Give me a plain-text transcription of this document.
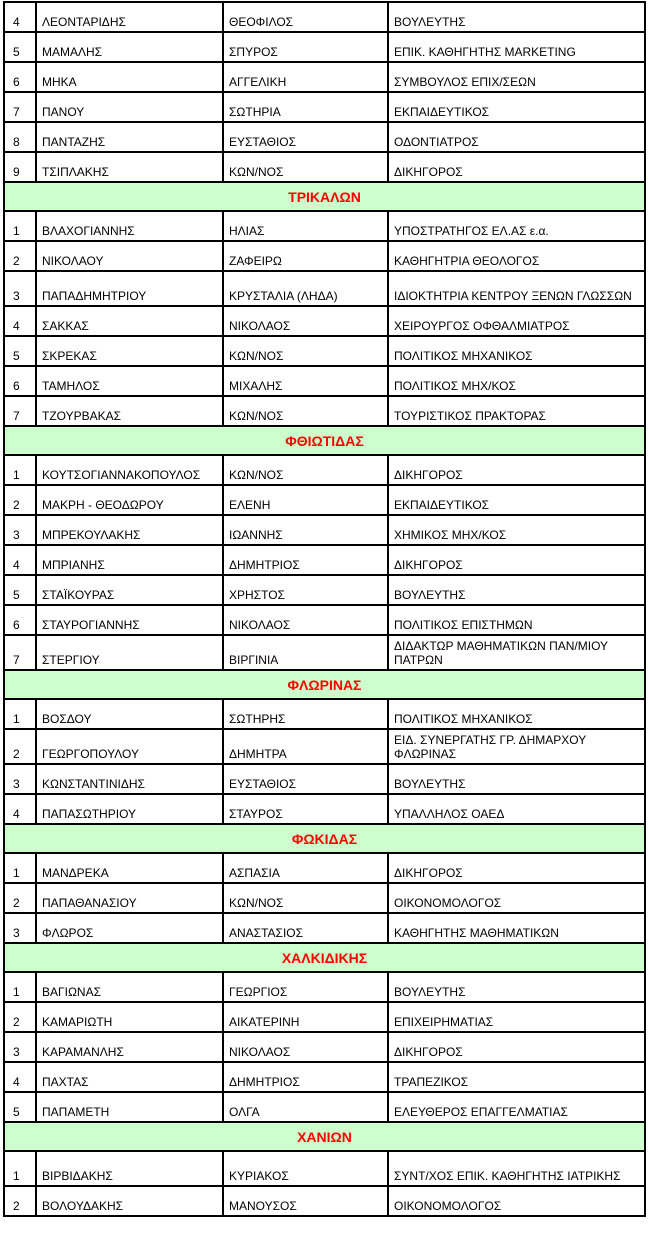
4	ΛΕΟΝΤΑΡΙΔΗΣ	ΘΕΟΦΙΛΟΣ	ΒΟΥΛΕΥΤΗΣ
5	ΜΑΜΑΛΗΣ	ΣΠΥΡΟΣ	ΕΠΙΚ. ΚΑΘΗΓΗΤΗΣ MARKETING
6	ΜΗΚΑ	ΑΓΓΕΛΙΚΗ	ΣΥΜΒΟΥΛΟΣ ΕΠΙΧ/ΣΕΩΝ
7	ΠΑΝΟΥ	ΣΩΤΗΡΙΑ	ΕΚΠΑΙΔΕΥΤΙΚΟΣ
8	ΠΑΝΤΑΖΗΣ	ΕΥΣΤΑΘΙΟΣ	ΟΔΟΝΤΙΑΤΡΟΣ
9	ΤΣΙΠΛΑΚΗΣ	ΚΩΝ/ΝΟΣ	ΔΙΚΗΓΟΡΟΣ
ΤΡΙΚΑΛΩΝ			
1	ΒΛΑΧΟΓΙΑΝΝΗΣ	ΗΛΙΑΣ	ΥΠΟΣΤΡΑΤΗΓΟΣ ΕΛ.ΑΣ ε.α.
2	ΝΙΚΟΛΑΟΥ	ΖΑΦΕΙΡΩ	ΚΑΘΗΓΗΤΡΙΑ ΘΕΟΛΟΓΟΣ
3	ΠΑΠΑΔΗΜΗΤΡΙΟΥ	ΚΡΥΣΤΑΛΙΑ (ΛΗΔΑ)	ΙΔΙΟΚΤΗΤΡΙΑ ΚΕΝΤΡΟΥ ΞΕΝΩΝ ΓΛΩΣΣΩΝ
4	ΣΑΚΚΑΣ	ΝΙΚΟΛΑΟΣ	ΧΕΙΡΟΥΡΓΟΣ ΟΦΘΑΛΜΙΑΤΡΟΣ
5	ΣΚΡΕΚΑΣ	ΚΩΝ/ΝΟΣ	ΠΟΛΙΤΙΚΟΣ ΜΗΧΑΝΙΚΟΣ
6	ΤΑΜΗΛΟΣ	ΜΙΧΑΛΗΣ	ΠΟΛΙΤΙΚΟΣ ΜΗΧ/ΚΟΣ
7	ΤΖΟΥΡΒΑΚΑΣ	ΚΩΝ/ΝΟΣ	ΤΟΥΡΙΣΤΙΚΟΣ ΠΡΑΚΤΟΡΑΣ
ΦΘΙΩΤΙΔΑΣ			
1	ΚΟΥΤΣΟΓΙΑΝΝΑΚΟΠΟΥΛΟΣ	ΚΩΝ/ΝΟΣ	ΔΙΚΗΓΟΡΟΣ
2	ΜΑΚΡΗ - ΘΕΟΔΩΡΟΥ	ΕΛΕΝΗ	ΕΚΠΑΙΔΕΥΤΙΚΟΣ
3	ΜΠΡΕΚΟΥΛΑΚΗΣ	ΙΩΑΝΝΗΣ	ΧΗΜΙΚΟΣ ΜΗΧ/ΚΟΣ
4	ΜΠΡΙΑΝΗΣ	ΔΗΜΗΤΡΙΟΣ	ΔΙΚΗΓΟΡΟΣ
5	ΣΤΑΪΚΟΥΡΑΣ	ΧΡΗΣΤΟΣ	ΒΟΥΛΕΥΤΗΣ
6	ΣΤΑΥΡΟΓΙΑΝΝΗΣ	ΝΙΚΟΛΑΟΣ	ΠΟΛΙΤΙΚΟΣ ΕΠΙΣΤΗΜΩΝ
7	ΣΤΕΡΓΙΟΥ	ΒΙΡΓΙΝΙΑ	ΔΙΔΑΚΤΩΡ ΜΑΘΗΜΑΤΙΚΩΝ ΠΑΝ/ΜΙΟΥ ΠΑΤΡΩΝ
ΦΛΩΡΙΝΑΣ			
1	ΒΟΣΔΟΥ	ΣΩΤΗΡΗΣ	ΠΟΛΙΤΙΚΟΣ ΜΗΧΑΝΙΚΟΣ
2	ΓΕΩΡΓΟΠΟΥΛΟΥ	ΔΗΜΗΤΡΑ	ΕΙΔ. ΣΥΝΕΡΓΑΤΗΣ ΓΡ. ΔΗΜΑΡΧΟΥ ΦΛΩΡΙΝΑΣ
3	ΚΩΝΣΤΑΝΤΙΝΙΔΗΣ	ΕΥΣΤΑΘΙΟΣ	ΒΟΥΛΕΥΤΗΣ
4	ΠΑΠΑΣΩΤΗΡΙΟΥ	ΣΤΑΥΡΟΣ	ΥΠΑΛΛΗΛΟΣ ΟΑΕΔ
ΦΩΚΙΔΑΣ			
1	ΜΑΝΔΡΕΚΑ	ΑΣΠΑΣΙΑ	ΔΙΚΗΓΟΡΟΣ
2	ΠΑΠΑΘΑΝΑΣΙΟΥ	ΚΩΝ/ΝΟΣ	ΟΙΚΟΝΟΜΟΛΟΓΟΣ
3	ΦΛΩΡΟΣ	ΑΝΑΣΤΑΣΙΟΣ	ΚΑΘΗΓΗΤΗΣ ΜΑΘΗΜΑΤΙΚΩΝ
ΧΑΛΚΙΔΙΚΗΣ			
1	ΒΑΓΙΩΝΑΣ	ΓΕΩΡΓΙΟΣ	ΒΟΥΛΕΥΤΗΣ
2	ΚΑΜΑΡΙΩΤΗ	ΑΙΚΑΤΕΡΙΝΗ	ΕΠΙΧΕΙΡΗΜΑΤΙΑΣ
3	ΚΑΡΑΜΑΝΛΗΣ	ΝΙΚΟΛΑΟΣ	ΔΙΚΗΓΟΡΟΣ
4	ΠΑΧΤΑΣ	ΔΗΜΗΤΡΙΟΣ	ΤΡΑΠΕΖΙΚΟΣ
5	ΠΑΠΑΜΕΤΗ	ΟΛΓΑ	ΕΛΕΥΘΕΡΟΣ ΕΠΑΓΓΕΛΜΑΤΙΑΣ
ΧΑΝΙΩΝ			
1	ΒΙΡΒΙΔΑΚΗΣ	ΚΥΡΙΑΚΟΣ	ΣΥΝΤ/ΧΟΣ ΕΠΙΚ. ΚΑΘΗΓΗΤΗΣ ΙΑΤΡΙΚΗΣ
2	ΒΟΛΟΥΔΑΚΗΣ	ΜΑΝΟΥΣΟΣ	ΟΙΚΟΝΟΜΟΛΟΓΟΣ
